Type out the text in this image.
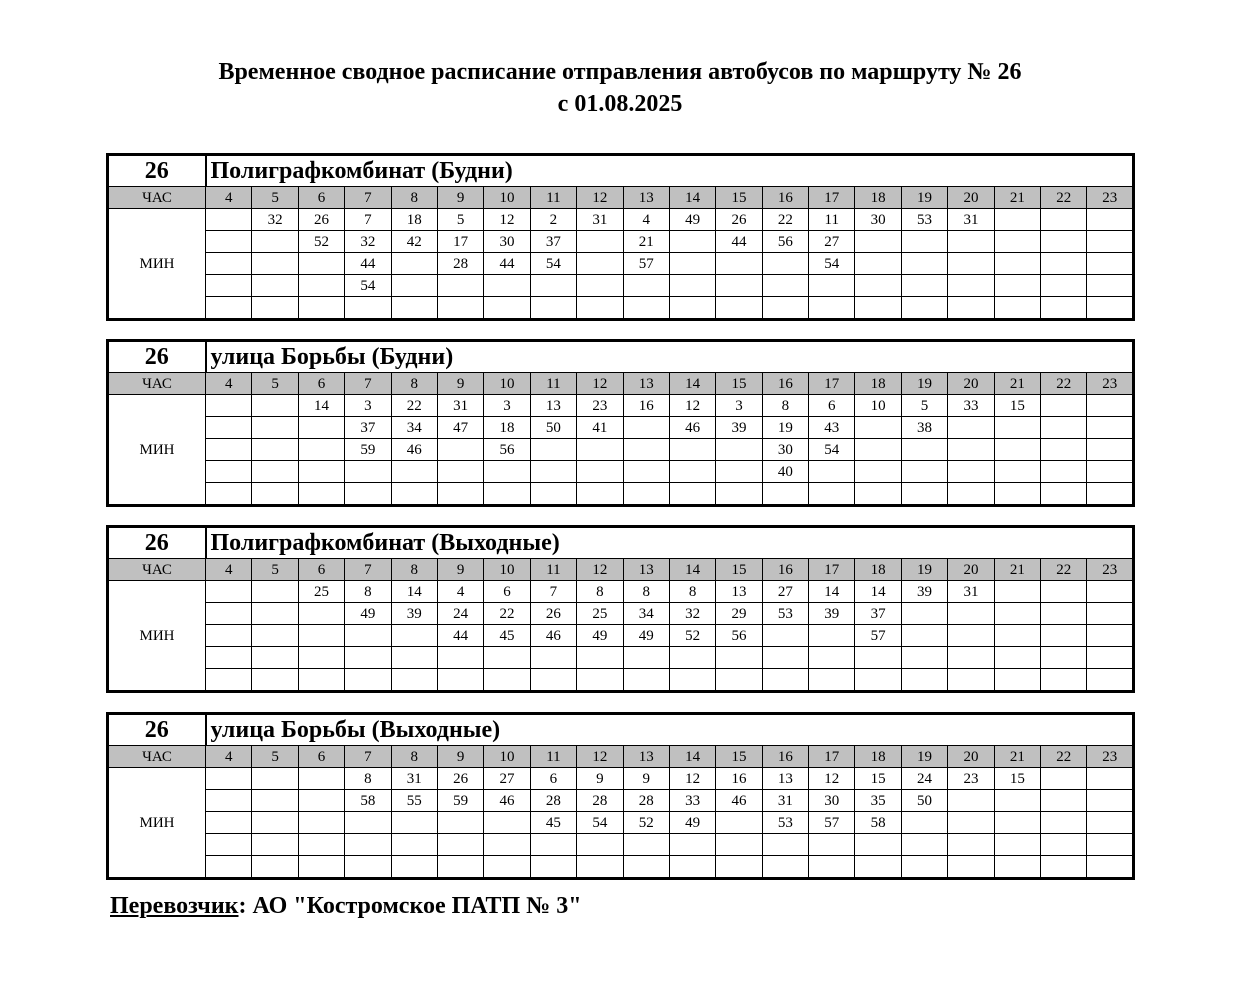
Временное сводное расписание отправления автобусов по маршруту № 26
с 01.08.2025
26	Полиграфкомбинат (Будни)																			
ЧАС	4	5	6	7	8	9	10	11	12	13	14	15	16	17	18	19	20	21	22	23
МИН		32	26	7	18	5	12	2	31	4	49	26	22	11	30	53	31			
			52	32	42	17	30	37		21		44	56	27						
				44		28	44	54		57				54						
				54																

26	улица Борьбы (Будни)																			
ЧАС	4	5	6	7	8	9	10	11	12	13	14	15	16	17	18	19	20	21	22	23
МИН			14	3	22	31	3	13	23	16	12	3	8	6	10	5	33	15		
				37	34	47	18	50	41		46	39	19	43		38				
				59	46		56						30	54						
													40							

26	Полиграфкомбинат (Выходные)																			
ЧАС	4	5	6	7	8	9	10	11	12	13	14	15	16	17	18	19	20	21	22	23
МИН			25	8	14	4	6	7	8	8	8	13	27	14	14	39	31			
				49	39	24	22	26	25	34	32	29	53	39	37					
						44	45	46	49	49	52	56			57					

26	улица Борьбы (Выходные)																			
ЧАС	4	5	6	7	8	9	10	11	12	13	14	15	16	17	18	19	20	21	22	23
МИН				8	31	26	27	6	9	9	12	16	13	12	15	24	23	15		
				58	55	59	46	28	28	28	33	46	31	30	35	50				
								45	54	52	49		53	57	58					

Перевозчик: АО "Костромское ПАТП № 3"
